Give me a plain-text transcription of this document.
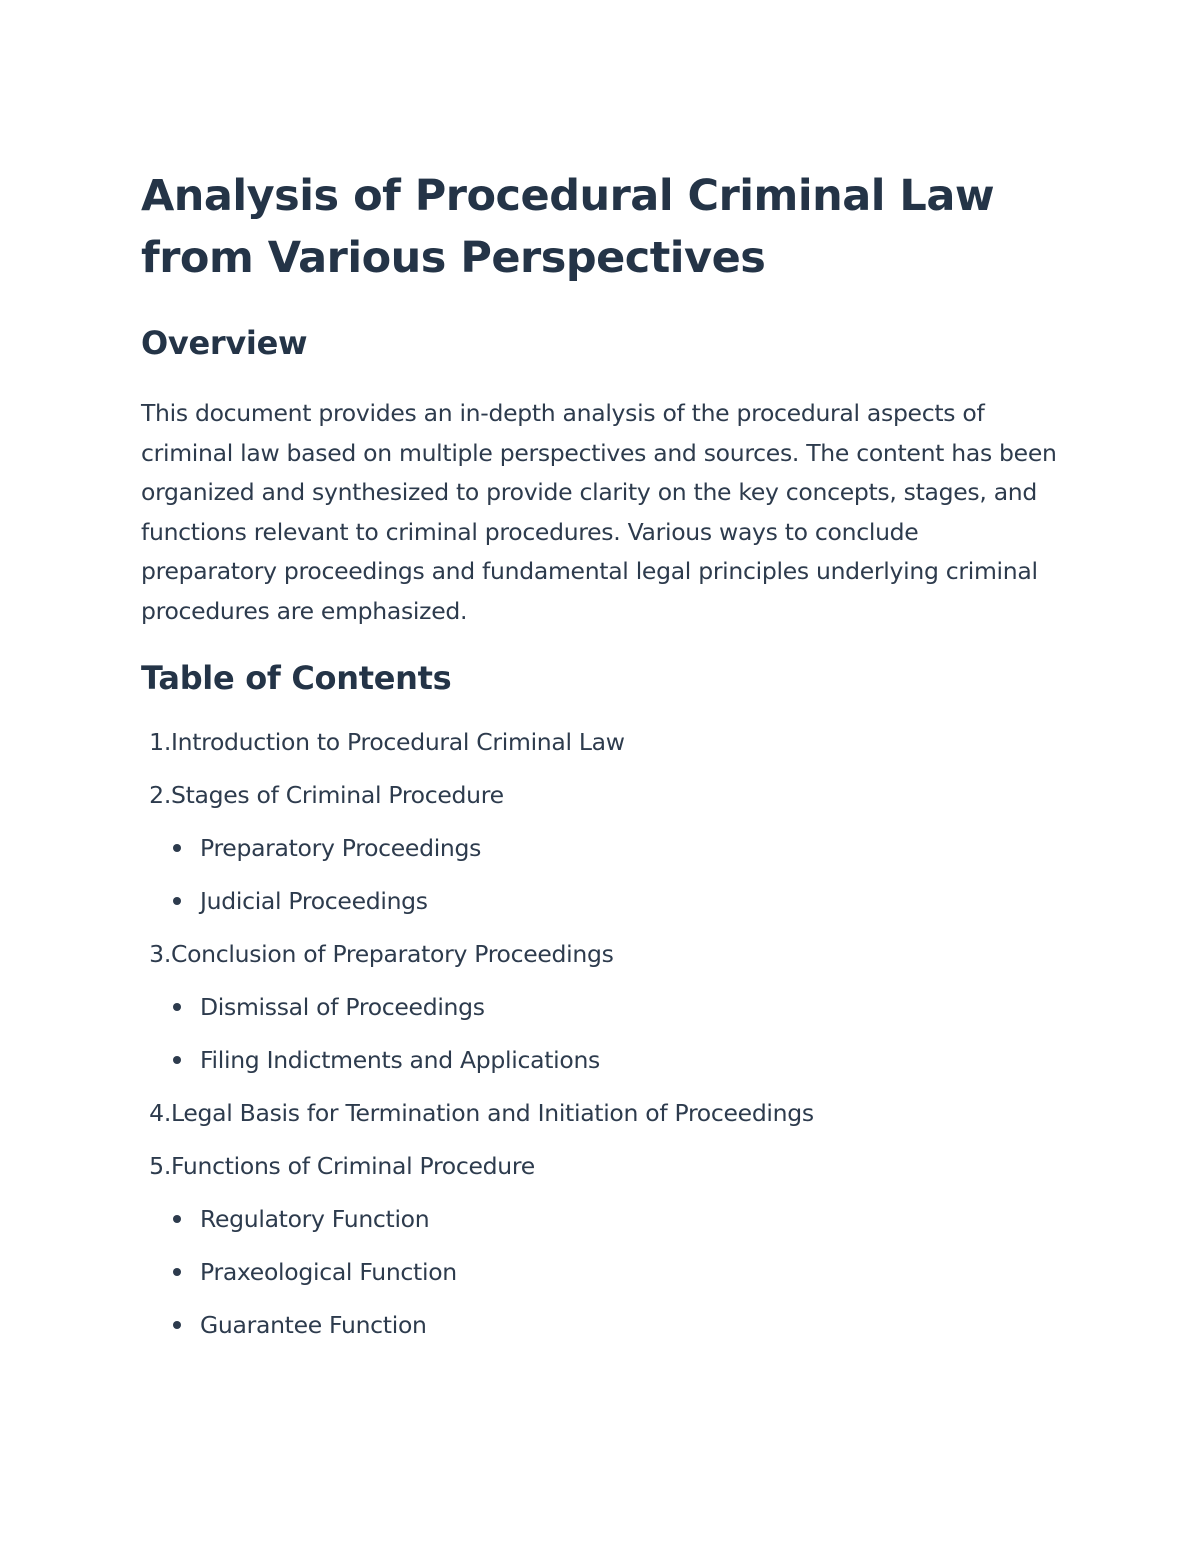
Analysis of Procedural Criminal Law from Various Perspectives
Overview

This document provides an in-depth analysis of the procedural aspects of criminal law based on multiple perspectives and sources. The content has been organized and synthesized to provide clarity on the key concepts, stages, and functions relevant to criminal procedures. Various ways to conclude preparatory proceedings and fundamental legal principles underlying criminal procedures are emphasized.

Table of Contents
1. Introduction to Procedural Criminal Law
2. Stages of Criminal Procedure
Preparatory Proceedings
Judicial Proceedings
3. Conclusion of Preparatory Proceedings
Dismissal of Proceedings
Filing Indictments and Applications
4. Legal Basis for Termination and Initiation of Proceedings
5. Functions of Criminal Procedure
Regulatory Function
Praxeological Function
Guarantee Function
